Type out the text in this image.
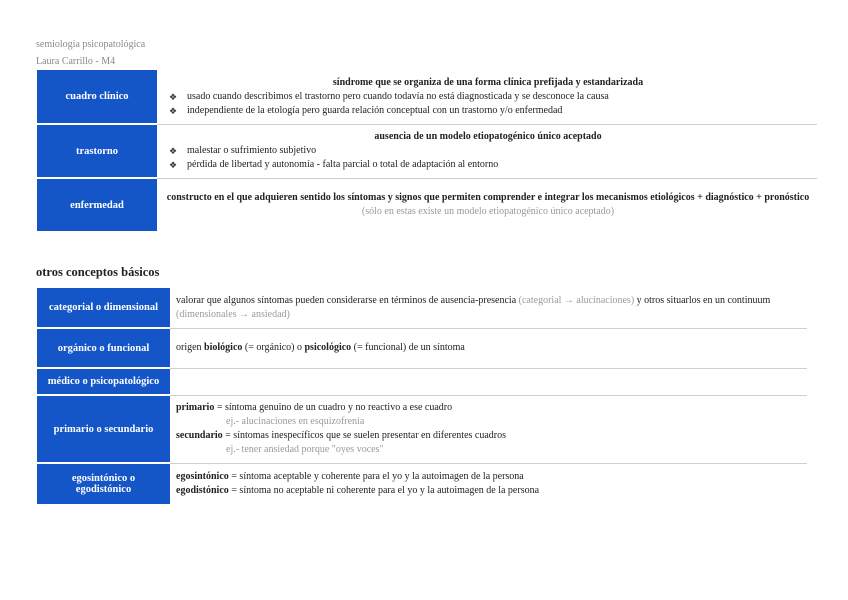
semiología psicopatológica
Laura Carrillo - M4
cuadro clínico	síndrome que se organiza de una forma clínica prefijada y estandarizada
❖ usado cuando describimos el trastorno pero cuando todavía no está diagnosticada y se desconoce la causa
❖ independiente de la etología pero guarda relación conceptual con un trastorno y/o enfermedad

trastorno	ausencia de un modelo etiopatogénico único aceptado
❖ malestar o sufrimiento subjetivo
❖ pérdida de libertad y autonomía - falta parcial o total de adaptación al entorno

enfermedad	constructo en el que adquieren sentido los síntomas y signos que permiten comprender e integrar los mecanismos etiológicos + diagnóstico + pronóstico
(sólo en estas existe un modelo etiopatogénico único aceptado)
otros conceptos básicos
categorial o dimensional	valorar que algunos síntomas pueden considerarse en términos de ausencia-presencia (categorial → alucinaciones) y otros situarlos en un continuum
(dimensionales → ansiedad)
orgánico o funcional	origen biológico (= orgánico) o psicológico (= funcional) de un síntoma
médico o psicopatológico	
primario o secundario	primario = síntoma genuino de un cuadro y no reactivo a ese cuadro
ej.- alucinaciones en esquizofrenia
secundario = síntomas inespecíficos que se suelen presentar en diferentes cuadros
ej.- tener ansiedad porque "oyes voces"

egosintónico o egodistónico	egosintónico = síntoma aceptable y coherente para el yo y la autoimagen de la persona
egodistónico = síntoma no aceptable ni coherente para el yo y la autoimagen de la persona
